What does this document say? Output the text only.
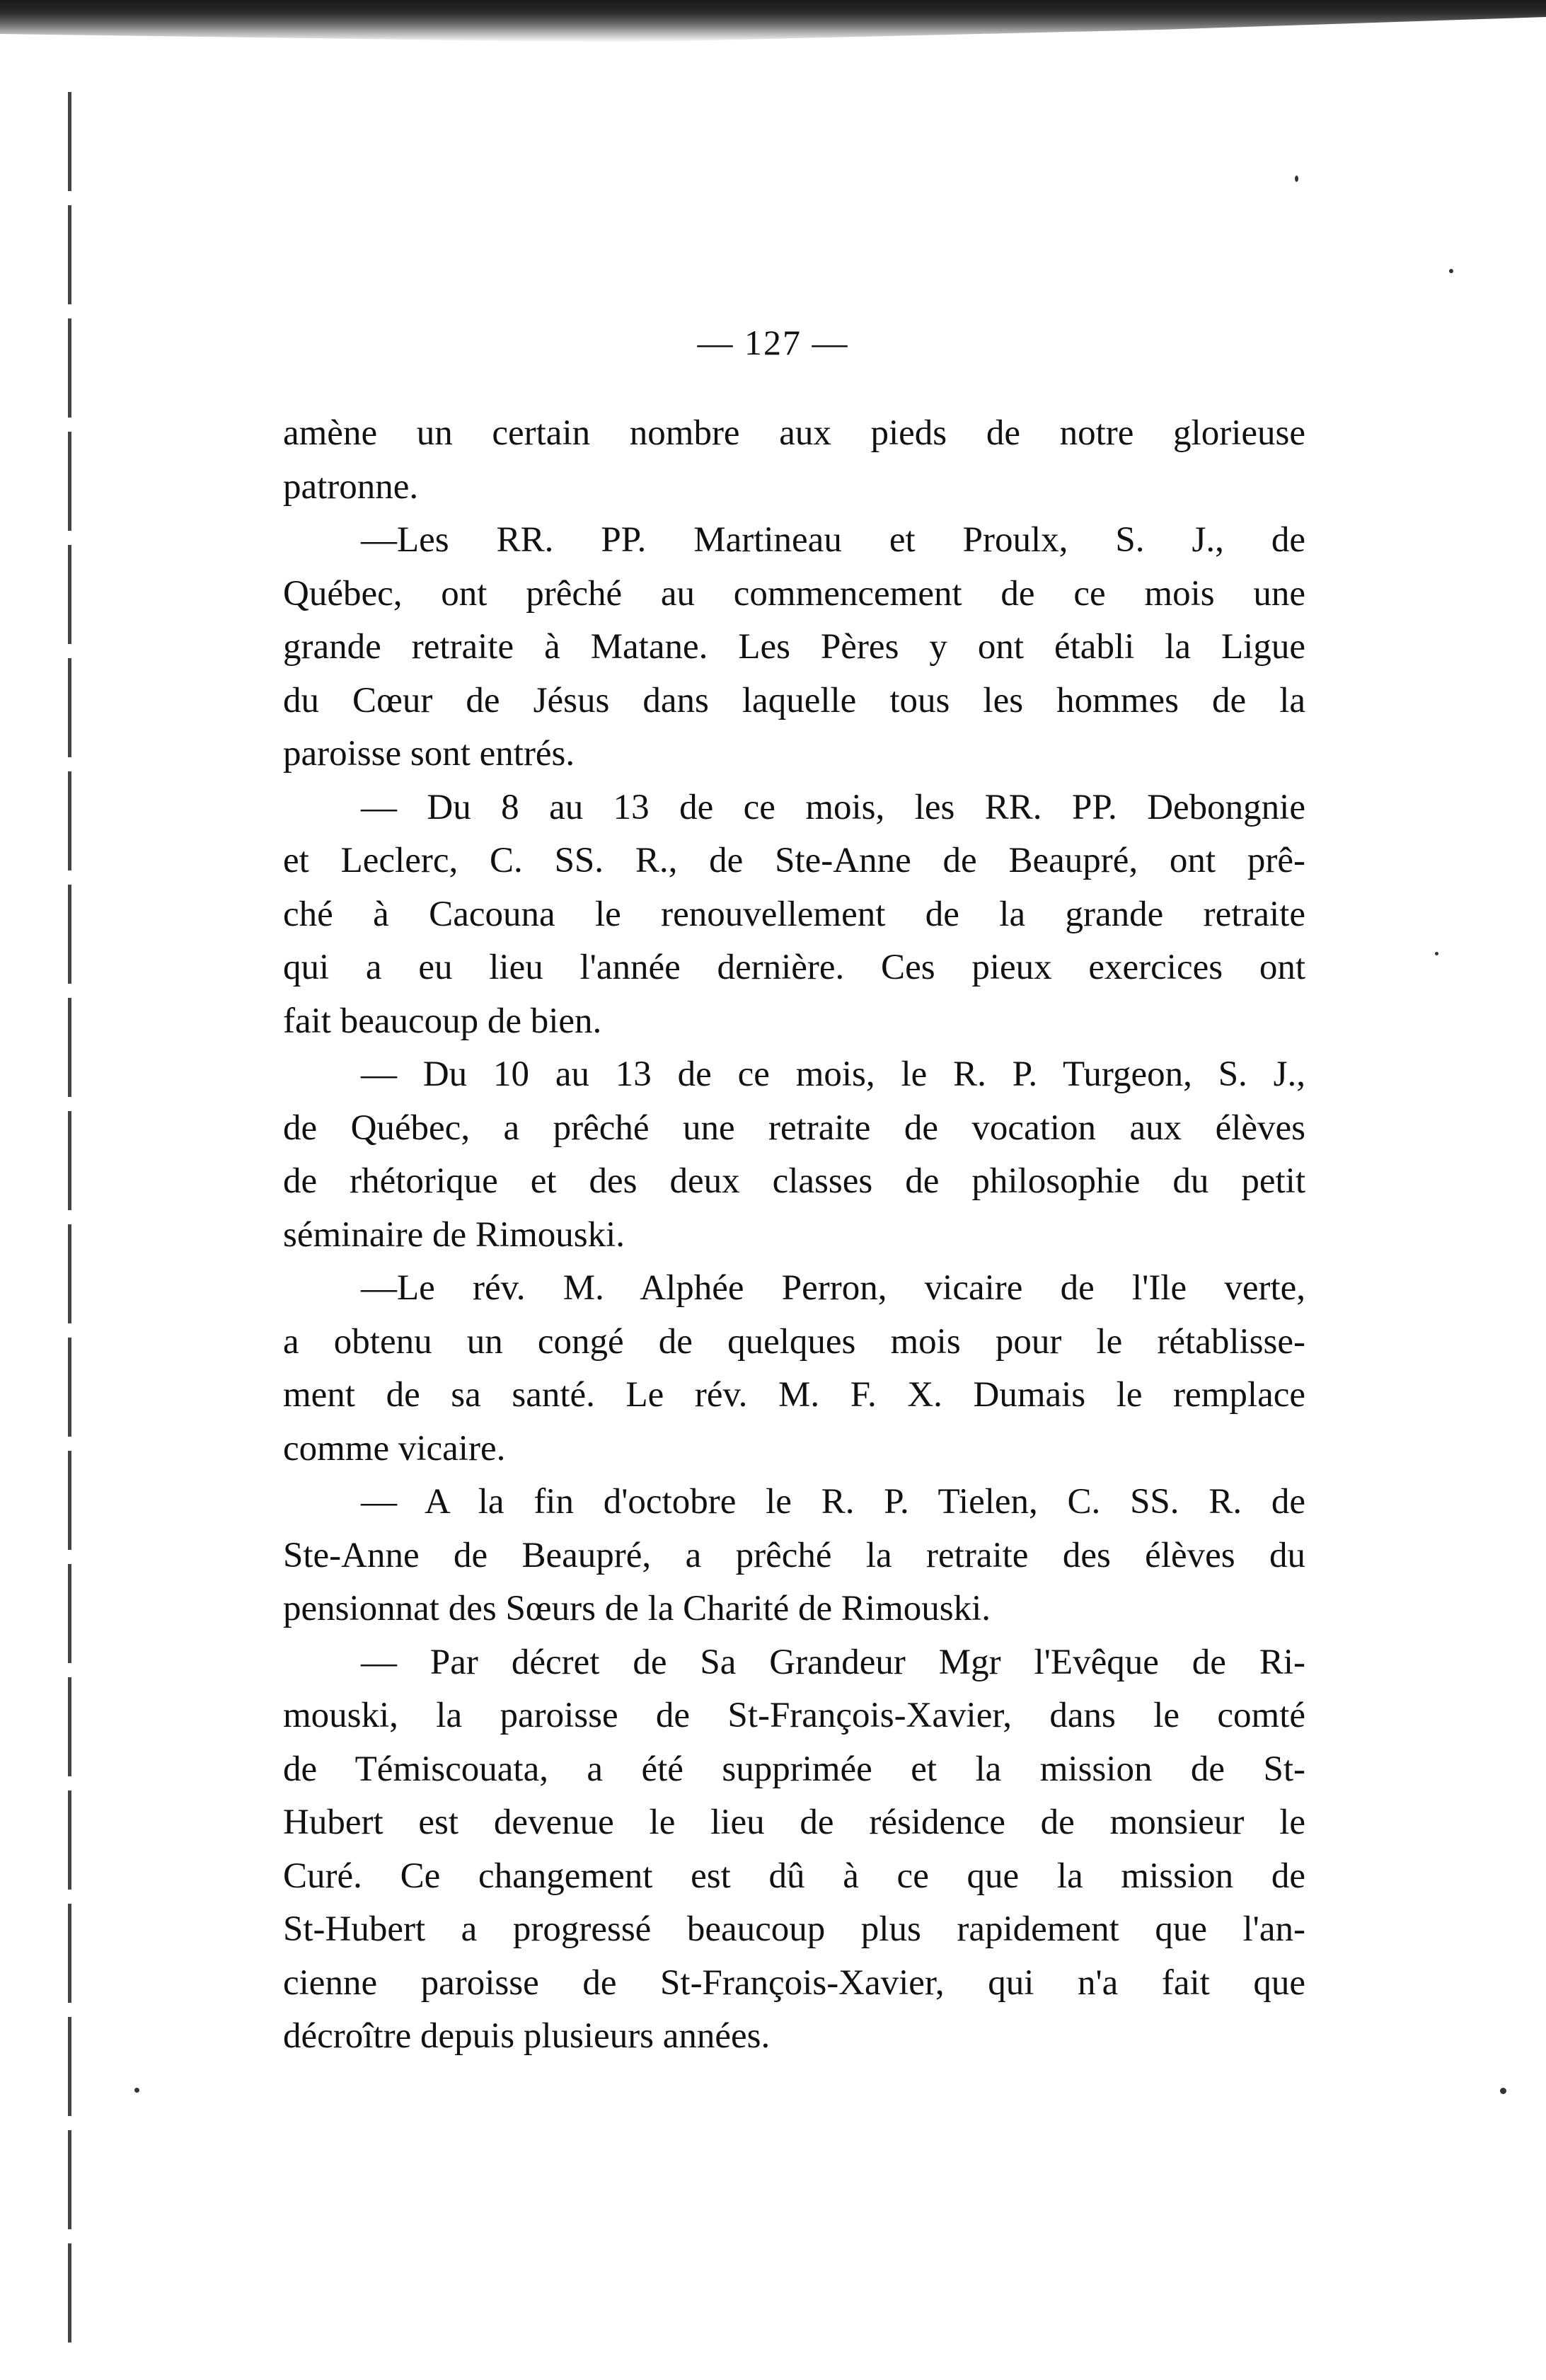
— 127 —

amène un certain nombre aux pieds de notre glorieuse
patronne.

—Les RR. PP. Martineau et Proulx, S. J., de
Québec, ont prêché au commencement de ce mois une
grande retraite à Matane. Les Pères y ont établi la Ligue
du Cœur de Jésus dans laquelle tous les hommes de la
paroisse sont entrés.

— Du 8 au 13 de ce mois, les RR. PP. Debongnie
et Leclerc, C. SS. R., de Ste-Anne de Beaupré, ont prê-
ché à Cacouna le renouvellement de la grande retraite
qui a eu lieu l'année dernière. Ces pieux exercices ont
fait beaucoup de bien.

— Du 10 au 13 de ce mois, le R. P. Turgeon, S. J.,
de Québec, a prêché une retraite de vocation aux élèves
de rhétorique et des deux classes de philosophie du petit
séminaire de Rimouski.

—Le rév. M. Alphée Perron, vicaire de l'Ile verte,
a obtenu un congé de quelques mois pour le rétablisse-
ment de sa santé. Le rév. M. F. X. Dumais le remplace
comme vicaire.

— A la fin d'octobre le R. P. Tielen, C. SS. R. de
Ste-Anne de Beaupré, a prêché la retraite des élèves du
pensionnat des Sœurs de la Charité de Rimouski.

— Par décret de Sa Grandeur Mgr l'Evêque de Ri-
mouski, la paroisse de St-François-Xavier, dans le comté
de Témiscouata, a été supprimée et la mission de St-
Hubert est devenue le lieu de résidence de monsieur le
Curé. Ce changement est dû à ce que la mission de
St-Hubert a progressé beaucoup plus rapidement que l'an-
cienne paroisse de St-François-Xavier, qui n'a fait que
décroître depuis plusieurs années.
